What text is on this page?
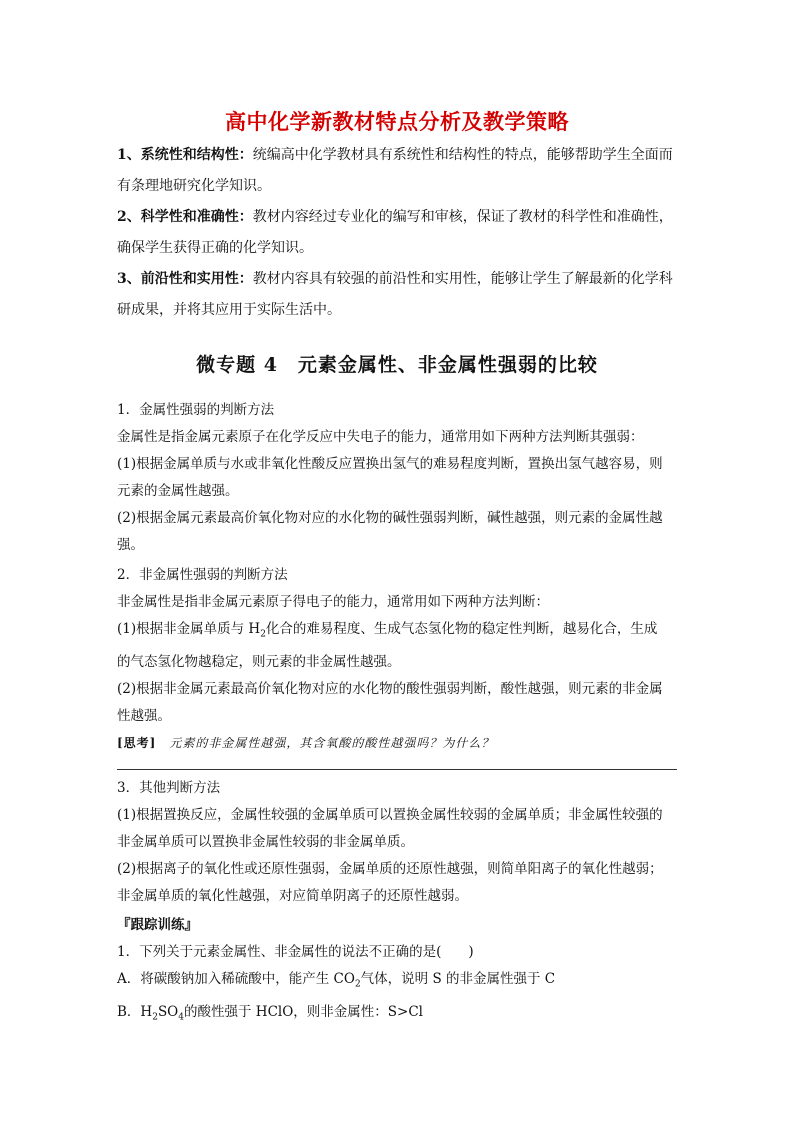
高中化学新教材特点分析及教学策略
1、系统性和结构性：统编高中化学教材具有系统性和结构性的特点，能够帮助学生全面而
有条理地研究化学知识。
2、科学性和准确性：教材内容经过专业化的编写和审核，保证了教材的科学性和准确性，
确保学生获得正确的化学知识。
3、前沿性和实用性：教材内容具有较强的前沿性和实用性，能够让学生了解最新的化学科
研成果，并将其应用于实际生活中。
微专题 4　元素金属性、非金属性强弱的比较

1．金属性强弱的判断方法

金属性是指金属元素原子在化学反应中失电子的能力，通常用如下两种方法判断其强弱：

(1)根据金属单质与水或非氧化性酸反应置换出氢气的难易程度判断，置换出氢气越容易，则

元素的金属性越强。

(2)根据金属元素最高价氧化物对应的水化物的碱性强弱判断，碱性越强，则元素的金属性越

强。

2．非金属性强弱的判断方法

非金属性是指非金属元素原子得电子的能力，通常用如下两种方法判断：

(1)根据非金属单质与 $H_2$化合的难易程度、生成气态氢化物的稳定性判断，越易化合，生成

的气态氢化物越稳定，则元素的非金属性越强。

(2)根据非金属元素最高价氧化物对应的水化物的酸性强弱判断，酸性越强，则元素的非金属

性越强。

[思考]　 元素的非金属性越强，其含氧酸的酸性越强吗？为什么？

3．其他判断方法

(1)根据置换反应，金属性较强的金属单质可以置换金属性较弱的金属单质；非金属性较强的

非金属单质可以置换非金属性较弱的非金属单质。

(2)根据离子的氧化性或还原性强弱，金属单质的还原性越强，则简单阳离子的氧化性越弱；

非金属单质的氧化性越强，对应简单阴离子的还原性越弱。

『跟踪训练』

1．下列关于元素金属性、非金属性的说法不正确的是(　　)

A．将碳酸钠加入稀硫酸中，能产生 $CO_2$气体，说明 S 的非金属性强于 C

B．$H_2SO_4$的酸性强于 HClO，则非金属性：S>Cl
